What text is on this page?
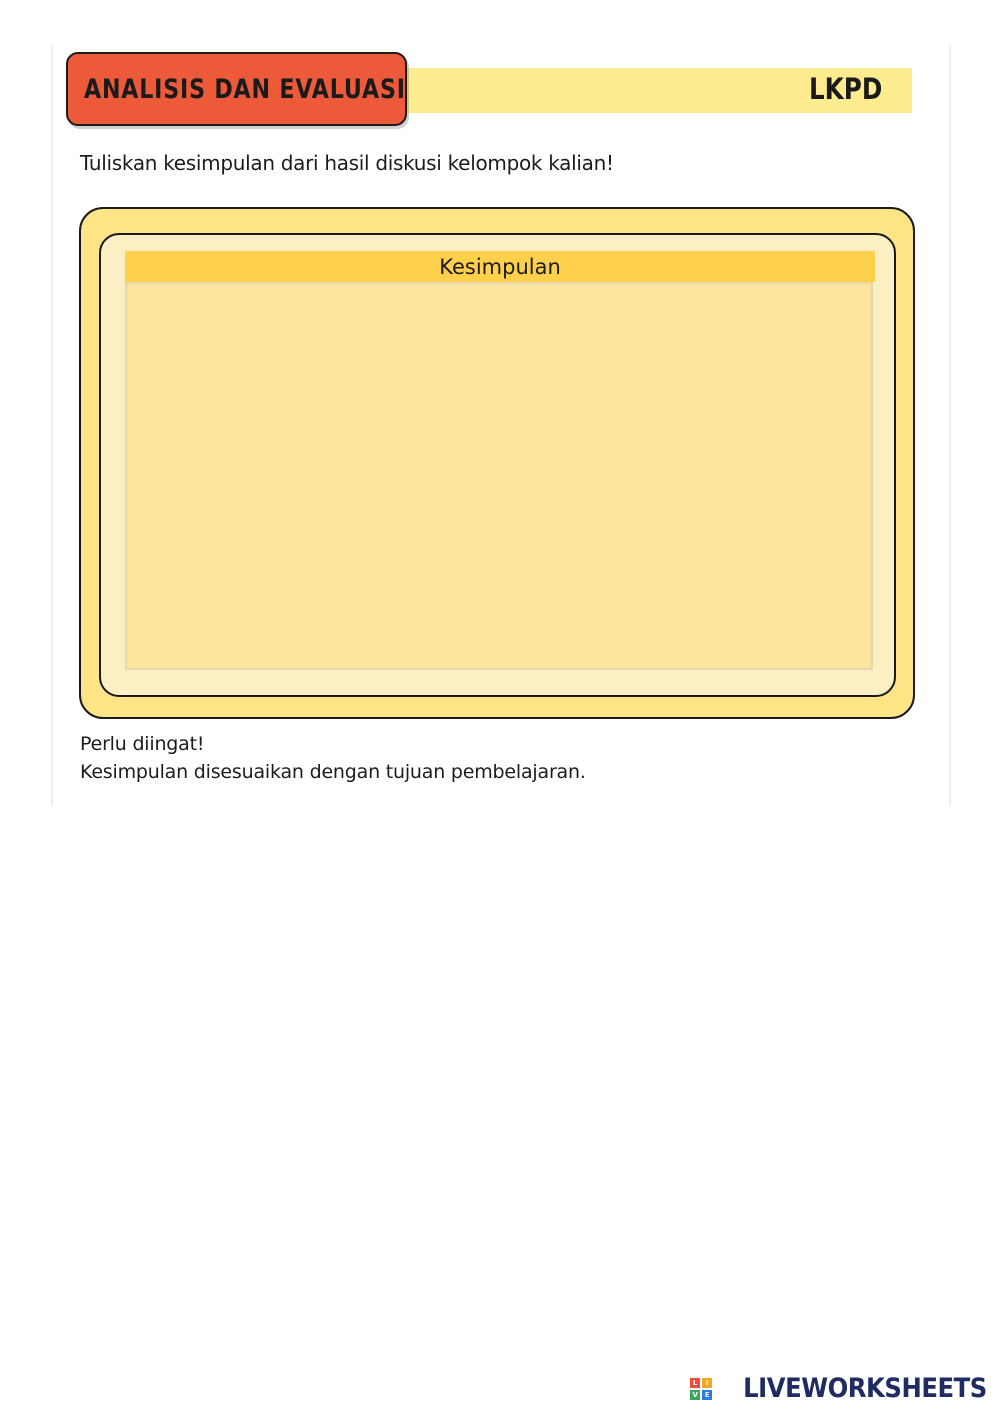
LKPD
ANALISIS DAN EVALUASI
Tuliskan kesimpulan dari hasil diskusi kelompok kalian!
Kesimpulan
Perlu diingat!
Kesimpulan disesuaikan dengan tujuan pembelajaran.
L	I
V E LIVEWORKSHEETS
